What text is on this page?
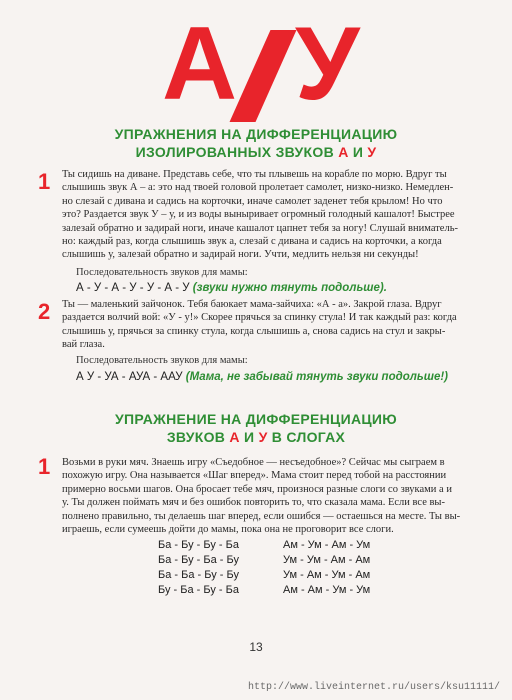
А У
УПРАЖНЕНИЯ НА ДИФФЕРЕНЦИАЦИЮ
ИЗОЛИРОВАННЫХ ЗВУКОВ А И У
1 Ты сидишь на диване. Представь себе, что ты плывешь на корабле по морю. Вдруг ты
слышишь звук А – а: это над твоей головой пролетает самолет, низко-низко. Немедлен-
но слезай с дивана и садись на корточки, иначе самолет заденет тебя крылом! Но что
это? Раздается звук У – у, и из воды выныривает огромный голодный кашалот! Быстрее
залезай обратно и задирай ноги, иначе кашалот цапнет тебя за ногу! Слушай вниматель-
но: каждый раз, когда слышишь звук а, слезай с дивана и садись на корточки, а когда
слышишь у, залезай обратно и задирай ноги. Учти, медлить нельзя ни секунды!
Последовательность звуков для мамы:
А - У - А - У - У - А - У (звуки нужно тянуть подольше).
2 Ты — маленький зайчонок. Тебя баюкает мама-зайчиха: «А - а». Закрой глаза. Вдруг
раздается волчий вой: «У - у!» Скорее прячься за спинку стула! И так каждый раз: когда
слышишь у, прячься за спинку стула, когда слышишь а, снова садись на стул и закры-
вай глаза.
Последовательность звуков для мамы:
А У - УА - АУА - ААУ (Мама, не забывай тянуть звуки подольше!)
УПРАЖНЕНИЕ НА ДИФФЕРЕНЦИАЦИЮ
ЗВУКОВ А И У В СЛОГАХ
1 Возьми в руки мяч. Знаешь игру «Съедобное — несъедобное»? Сейчас мы сыграем в
похожую игру. Она называется «Шаг вперед». Мама стоит перед тобой на расстоянии
примерно восьми шагов. Она бросает тебе мяч, произнося разные слоги со звуками а и
у. Ты должен поймать мяч и без ошибок повторить то, что сказала мама. Если все вы-
полнено правильно, ты делаешь шаг вперед, если ошибся — остаешься на месте. Ты вы-
играешь, если сумеешь дойти до мамы, пока она не проговорит все слоги.
Ба - Бу - Бу - Ба
Ба - Бу - Ба - Бу
Ба - Ба - Бу - Бу
Бу - Ба - Бу - Ба
Ам - Ум - Ам - Ум
Ум - Ум - Ам - Ам
Ум - Ам - Ум - Ам
Ам - Ам - Ум - Ум
13
http://www.liveinternet.ru/users/ksu11111/
